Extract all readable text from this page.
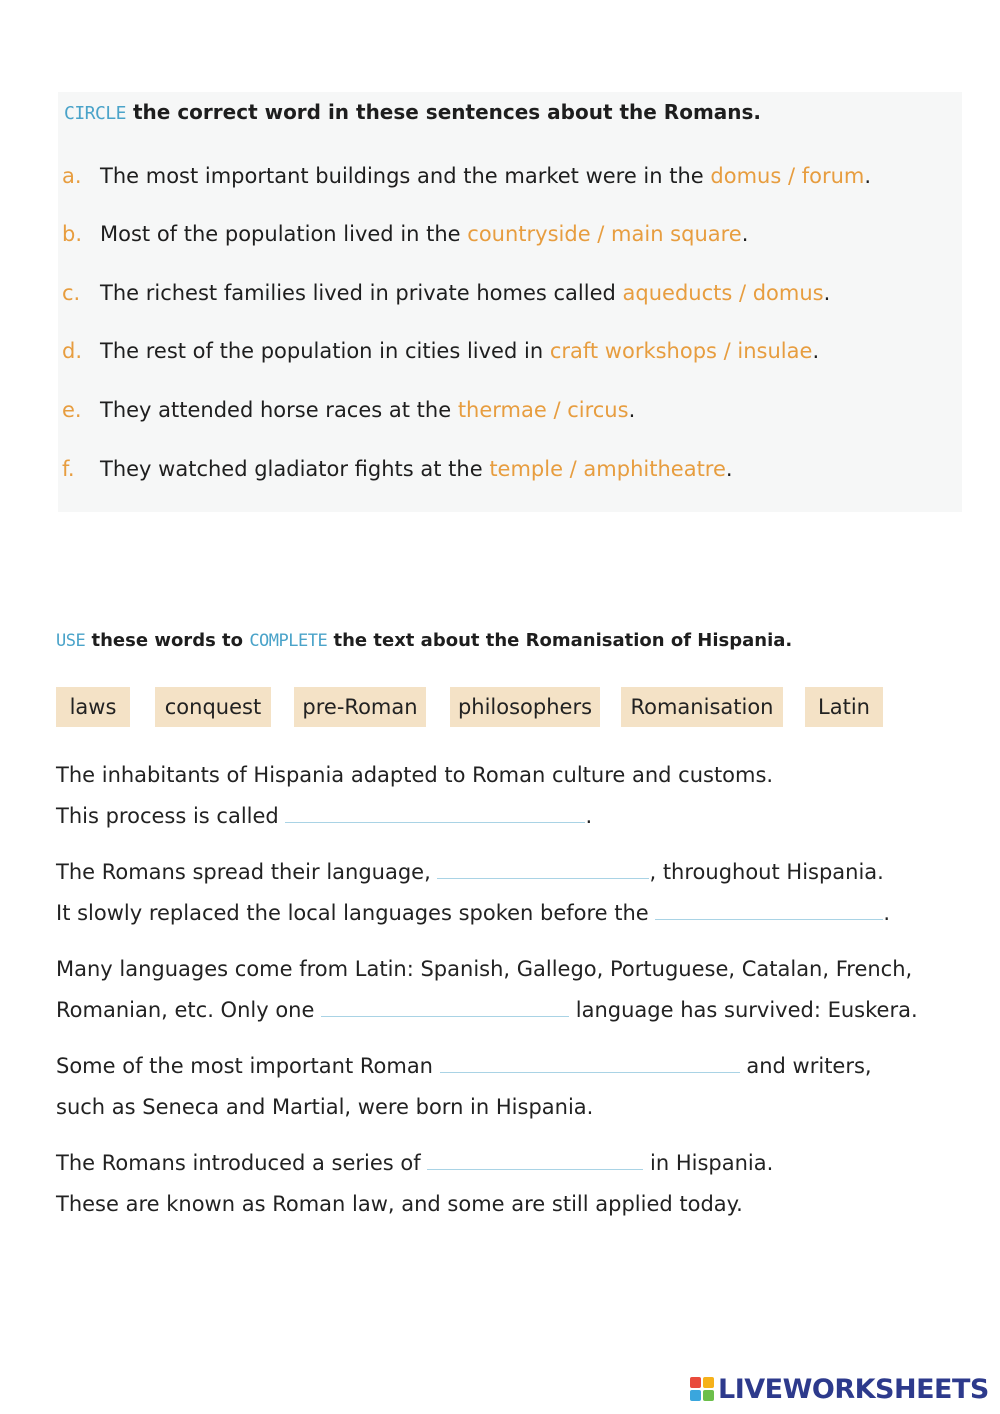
CIRCLE the correct word in these sentences about the Romans.
a. The most important buildings and the market were in the domus / forum.
b. Most of the population lived in the countryside / main square.
c. The richest families lived in private homes called aqueducts / domus.
d. The rest of the population in cities lived in craft workshops / insulae.
e. They attended horse races at the thermae / circus.
f. They watched gladiator fights at the temple / amphitheatre.
USE these words to COMPLETE the text about the Romanisation of Hispania.
laws	conquest	pre-Roman	philosophers	Romanisation	Latin
The inhabitants of Hispania adapted to Roman culture and customs.
This process is called	.
The Romans spread their language,	, throughout Hispania.
It slowly replaced the local languages spoken before the	.
Many languages come from Latin: Spanish, Gallego, Portuguese, Catalan, French,
Romanian, etc. Only one	language has survived: Euskera.
Some of the most important Roman	and writers,
such as Seneca and Martial, were born in Hispania.
The Romans introduced a series of	in Hispania.
These are known as Roman law, and some are still applied today.
LIVEWORKSHEETS
